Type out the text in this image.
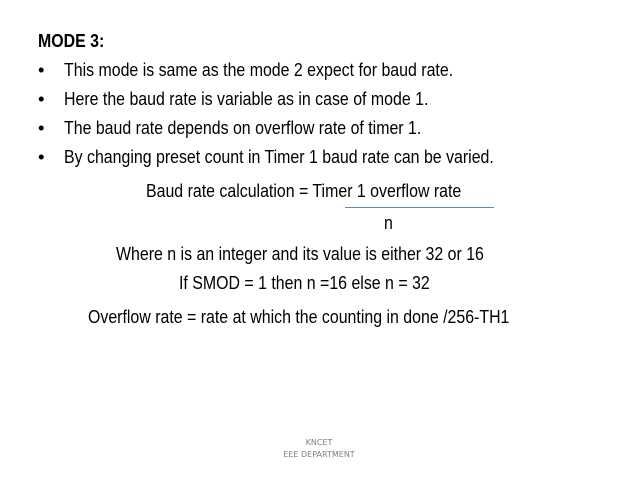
MODE 3:
• This mode is same as the mode 2 expect for baud rate.
• Here the baud rate is variable as in case of mode 1.
• The baud rate depends on overflow rate of timer 1.
• By changing preset count in Timer 1 baud rate can be varied.
Baud rate calculation = Timer 1 overflow rate
n
Where n is an integer and its value is either 32 or 16
If SMOD = 1 then n =16 else n = 32
Overflow rate = rate at which the counting in done /256-TH1
KNCET
EEE DEPARTMENT
